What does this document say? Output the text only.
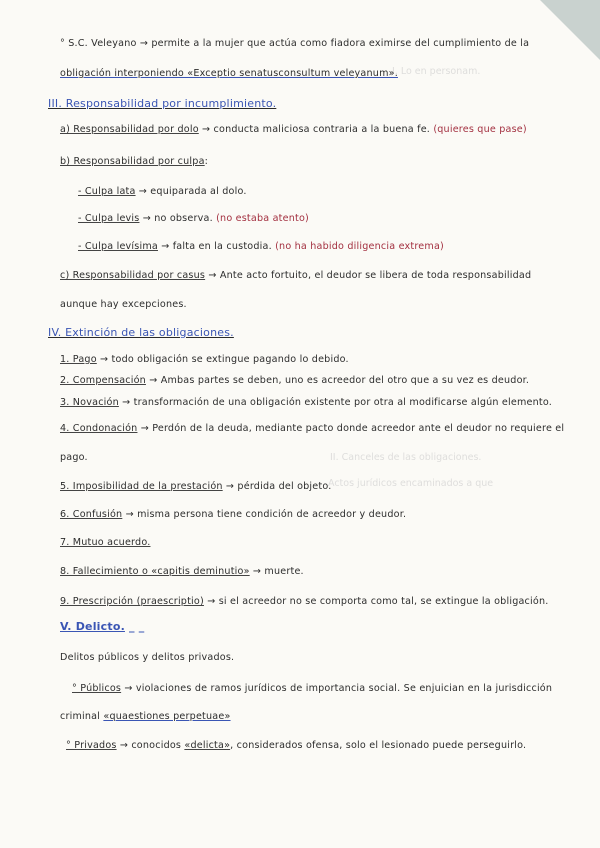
I. Lo en personam.
II. Canceles de las obligaciones.
Actos jurídicos encaminados a que
° S.C. Veleyano → permite a la mujer que actúa como fiadora eximirse del cumplimiento de la
obligación interponiendo «Exceptio senatusconsultum veleyanum».
III. Responsabilidad por incumplimiento.
a) Responsabilidad por dolo → conducta maliciosa contraria a la buena fe. (quieres que pase)
b) Responsabilidad por culpa:
- Culpa lata → equiparada al dolo.
- Culpa levis → no observa. (no estaba atento)
- Culpa levísima → falta en la custodia. (no ha habido diligencia extrema)
c) Responsabilidad por casus → Ante acto fortuito, el deudor se libera de toda responsabilidad
aunque hay excepciones.
IV. Extinción de las obligaciones.
1. Pago → todo obligación se extingue pagando lo debido.
2. Compensación → Ambas partes se deben, uno es acreedor del otro que a su vez es deudor.
3. Novación → transformación de una obligación existente por otra al modificarse algún elemento.
4. Condonación → Perdón de la deuda, mediante pacto donde acreedor ante el deudor no requiere el
pago.
5. Imposibilidad de la prestación → pérdida del objeto.
6. Confusión → misma persona tiene condición de acreedor y deudor.
7. Mutuo acuerdo.
8. Fallecimiento o «capitis deminutio» → muerte.
9. Prescripción (praescriptio) → si el acreedor no se comporta como tal, se extingue la obligación.
V. Delicto. _ _
Delitos públicos y delitos privados.
° Públicos → violaciones de ramos jurídicos de importancia social. Se enjuician en la jurisdicción
criminal «quaestiones perpetuae»
° Privados → conocidos «delicta», considerados ofensa, solo el lesionado puede perseguirlo.
